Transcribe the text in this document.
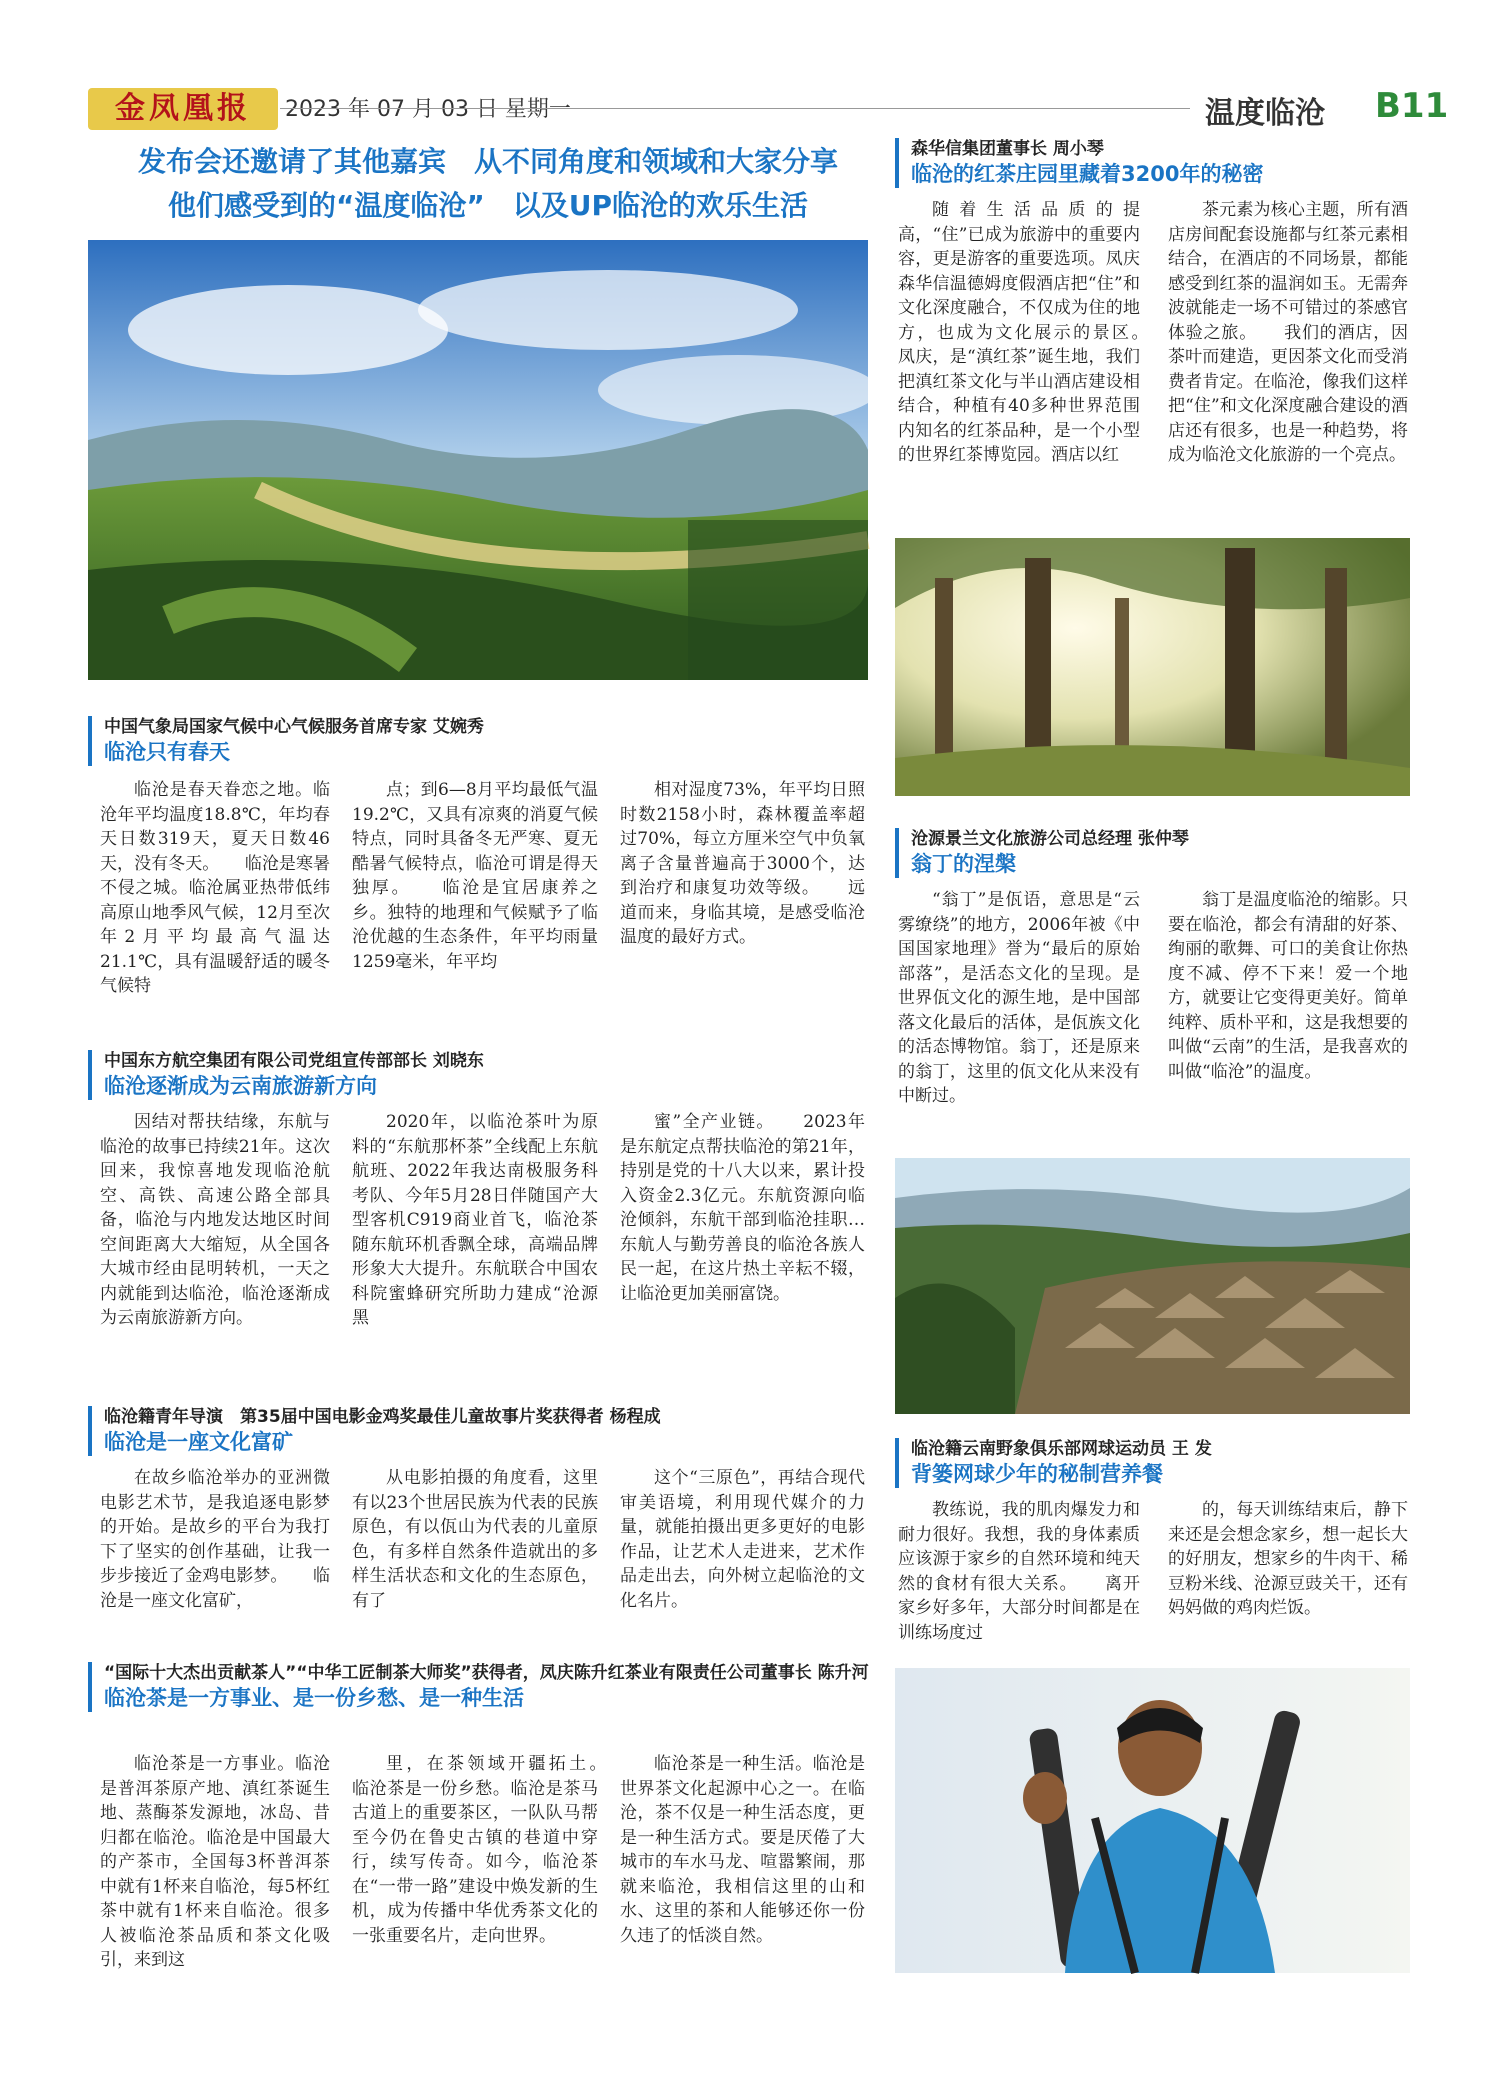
金凤凰报	2023 年 07 月 03 日 星期一	温度临沧 B11
发布会还邀请了其他嘉宾　从不同角度和领域和大家分享
他们感受到的“温度临沧”　以及UP临沧的欢乐生活
中国气象局国家气候中心气候服务首席专家 艾婉秀
临沧只有春天
临沧是春天眷恋之地。临沧年平均温度18.8℃，年均春天日数319天，夏天日数46天，没有冬天。　　临沧是寒暑不侵之城。临沧属亚热带低纬高原山地季风气候，12月至次年2月平均最高气温达21.1℃，具有温暖舒适的暖冬气候特
点；到6—8月平均最低气温19.2℃，又具有凉爽的消夏气候特点，同时具备冬无严寒、夏无酷暑气候特点，临沧可谓是得天独厚。　　临沧是宜居康养之乡。独特的地理和气候赋予了临沧优越的生态条件，年平均雨量1259毫米，年平均
相对湿度73%，年平均日照时数2158小时，森林覆盖率超过70%，每立方厘米空气中负氧离子含量普遍高于3000个，达到治疗和康复功效等级。　　远道而来，身临其境，是感受临沧温度的最好方式。
中国东方航空集团有限公司党组宣传部部长 刘晓东
临沧逐渐成为云南旅游新方向
因结对帮扶结缘，东航与临沧的故事已持续21年。这次回来，我惊喜地发现临沧航空、高铁、高速公路全部具备，临沧与内地发达地区时间空间距离大大缩短，从全国各大城市经由昆明转机，一天之内就能到达临沧，临沧逐渐成为云南旅游新方向。
2020年，以临沧茶叶为原料的“东航那杯茶”全线配上东航航班、2022年我达南极服务科考队、今年5月28日伴随国产大型客机C919商业首飞，临沧茶随东航环机香飘全球，高端品牌形象大大提升。东航联合中国农科院蜜蜂研究所助力建成“沧源黑
蜜”全产业链。　　2023年是东航定点帮扶临沧的第21年，持别是党的十八大以来，累计投入资金2.3亿元。东航资源向临沧倾斜，东航干部到临沧挂职…东航人与勤劳善良的临沧各族人民一起，在这片热土辛耘不辍，让临沧更加美丽富饶。
临沧籍青年导演　第35届中国电影金鸡奖最佳儿童故事片奖获得者 杨程成
临沧是一座文化富矿
在故乡临沧举办的亚洲微电影艺术节，是我追逐电影梦的开始。是故乡的平台为我打下了坚实的创作基础，让我一步步接近了金鸡电影梦。　　临沧是一座文化富矿，
从电影拍摄的角度看，这里有以23个世居民族为代表的民族原色，有以佤山为代表的儿童原色，有多样自然条件造就出的多样生活状态和文化的生态原色，有了
这个“三原色”，再结合现代审美语境，利用现代媒介的力量，就能拍摄出更多更好的电影作品，让艺术人走进来，艺术作品走出去，向外树立起临沧的文化名片。
“国际十大杰出贡献茶人”“中华工匠制茶大师奖”获得者，凤庆陈升红茶业有限责任公司董事长 陈升河
临沧茶是一方事业、是一份乡愁、是一种生活
临沧茶是一方事业。临沧是普洱茶原产地、滇红茶诞生地、蒸酶茶发源地，冰岛、昔归都在临沧。临沧是中国最大的产茶市，全国每3杯普洱茶中就有1杯来自临沧，每5杯红茶中就有1杯来自临沧。很多人被临沧茶品质和茶文化吸引，来到这
里，在茶领域开疆拓土。　　临沧茶是一份乡愁。临沧是茶马古道上的重要茶区，一队队马帮至今仍在鲁史古镇的巷道中穿行，续写传奇。如今，临沧茶在“一带一路”建设中焕发新的生机，成为传播中华优秀茶文化的一张重要名片，走向世界。
临沧茶是一种生活。临沧是世界茶文化起源中心之一。在临沧，茶不仅是一种生活态度，更是一种生活方式。要是厌倦了大城市的车水马龙、喧嚣繁闹，那就来临沧，我相信这里的山和水、这里的茶和人能够还你一份久违了的恬淡自然。
森华信集团董事长 周小琴
临沧的红茶庄园里藏着3200年的秘密
随着生活品质的提高，“住”已成为旅游中的重要内容，更是游客的重要选项。凤庆森华信温德姆度假酒店把“住”和文化深度融合，不仅成为住的地方，也成为文化展示的景区。　　凤庆，是“滇红茶”诞生地，我们把滇红茶文化与半山酒店建设相结合，种植有40多种世界范围内知名的红茶品种，是一个小型的世界红茶博览园。酒店以红
茶元素为核心主题，所有酒店房间配套设施都与红茶元素相结合，在酒店的不同场景，都能感受到红茶的温润如玉。无需奔波就能走一场不可错过的茶感官体验之旅。　　我们的酒店，因茶叶而建造，更因茶文化而受消费者肯定。在临沧，像我们这样把“住”和文化深度融合建设的酒店还有很多，也是一种趋势，将成为临沧文化旅游的一个亮点。
沧源景兰文化旅游公司总经理 张仲琴
翁丁的涅槃
“翁丁”是佤语，意思是“云雾缭绕”的地方，2006年被《中国国家地理》誉为“最后的原始部落”，是活态文化的呈现。是世界佤文化的源生地，是中国部落文化最后的活体，是佤族文化的活态博物馆。翁丁，还是原来的翁丁，这里的佤文化从来没有中断过。
翁丁是温度临沧的缩影。只要在临沧，都会有清甜的好茶、绚丽的歌舞、可口的美食让你热度不减、停不下来！爱一个地方，就要让它变得更美好。简单纯粹、质朴平和，这是我想要的叫做“云南”的生活，是我喜欢的叫做“临沧”的温度。
临沧籍云南野象俱乐部网球运动员 王 发
背篓网球少年的秘制营养餐
教练说，我的肌肉爆发力和耐力很好。我想，我的身体素质应该源于家乡的自然环境和纯天然的食材有很大关系。　　离开家乡好多年，大部分时间都是在训练场度过
的，每天训练结束后，静下来还是会想念家乡，想一起长大的好朋友，想家乡的牛肉干、稀豆粉米线、沧源豆豉关干，还有妈妈做的鸡肉烂饭。
